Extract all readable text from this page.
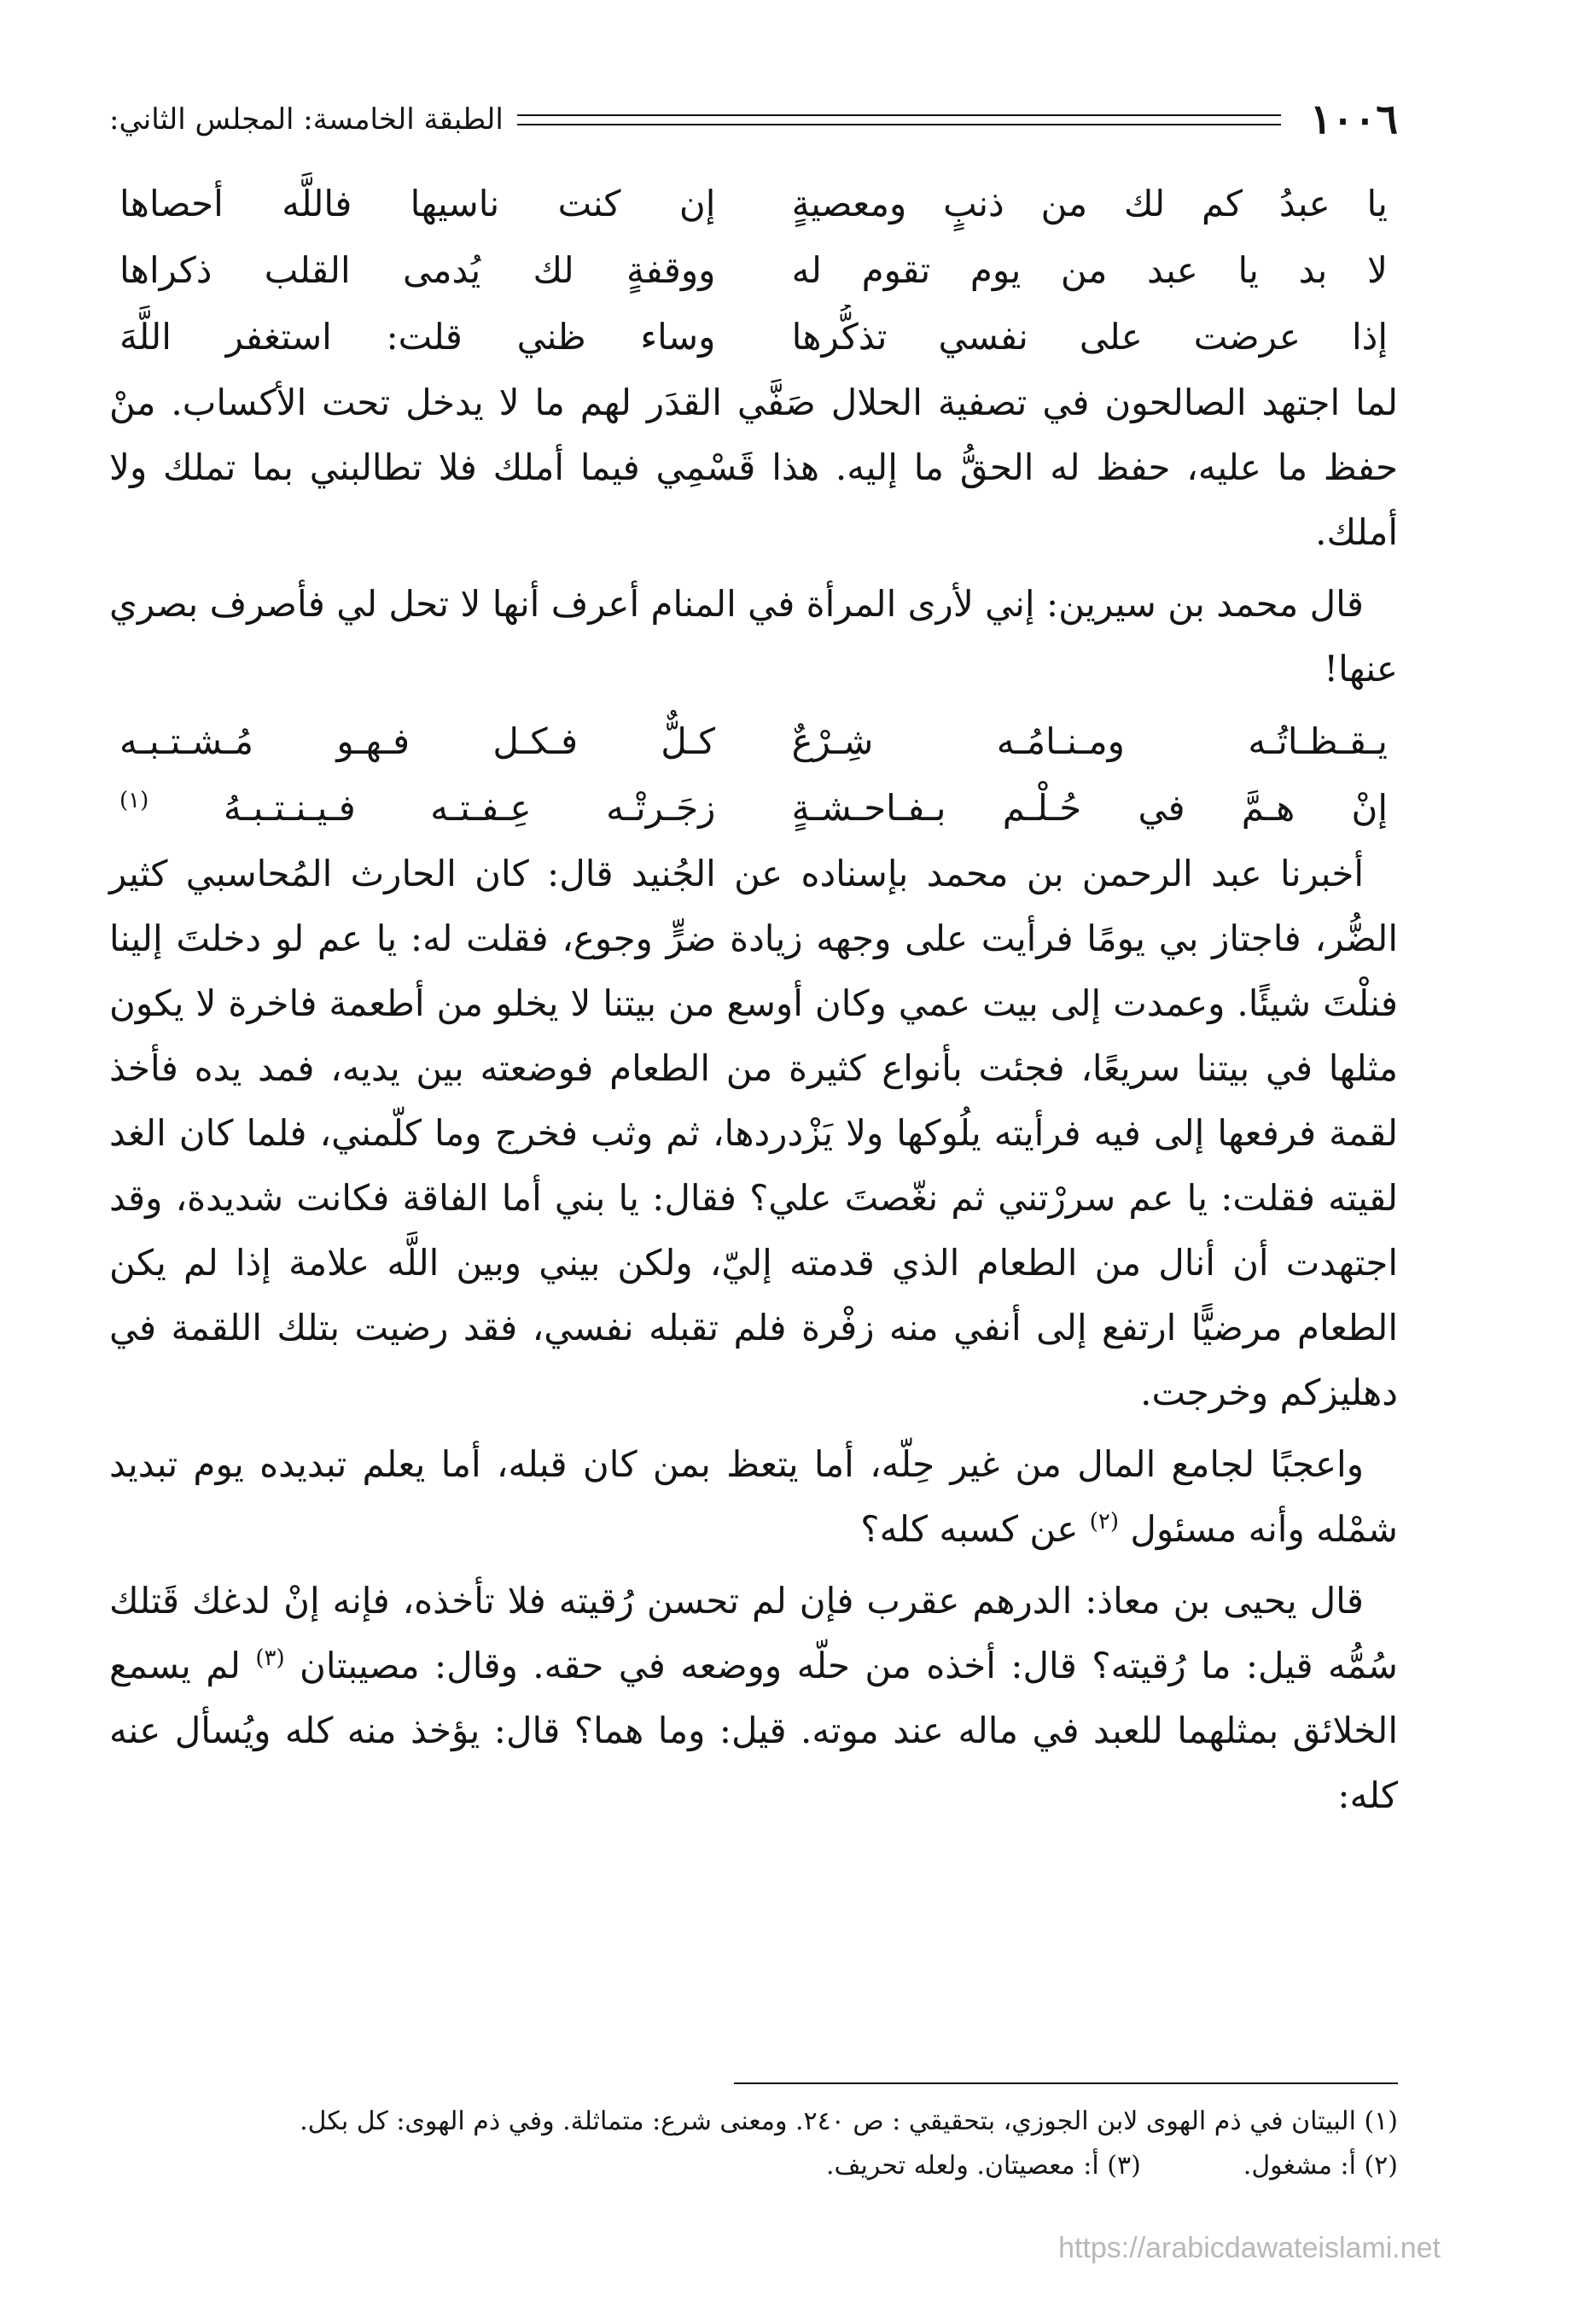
١٠٠٦
الطبقة الخامسة: المجلس الثاني:
يا عبدُ كم لك من ذنبٍ ومعصيةٍ
إن كنت ناسيها فاللَّه أحصاها
لا بد يا عبد من يوم تقوم له
ووقفةٍ لك يُدمى القلب ذكراها
إذا عرضت على نفسي تذكُّرها
وساء ظني قلت: استغفر اللَّهَ

لما اجتهد الصالحون في تصفية الحلال صَفَّي القدَر لهم ما لا يدخل تحت الأكساب. منْ حفظ ما عليه، حفظ له الحقُّ ما إليه. هذا قَسْمِي فيما أملك فلا تطالبني بما تملك ولا أملك.

قال محمد بن سيرين: إني لأرى المرأة في المنام أعرف أنها لا تحل لي فأصرف بصري عنها!

يـقـظـاتُـه ومـنـامُـه شِـرْعٌ
كـلٌّ فـكـل فـهـو مُـشـتـبـه
إنْ هـمَّ في حُـلْـم بـفـاحـشـةٍ
زجَـرتْـه عِـفـتـه فـيـنـتـبـهُ $^{(١)}$

أخبرنا عبد الرحمن بن محمد بإسناده عن الجُنيد قال: كان الحارث المُحاسبي كثير الضُّر، فاجتاز بي يومًا فرأيت على وجهه زيادة ضرٍّ وجوع، فقلت له: يا عم لو دخلتَ إلينا فنلْتَ شيئًا. وعمدت إلى بيت عمي وكان أوسع من بيتنا لا يخلو من أطعمة فاخرة لا يكون مثلها في بيتنا سريعًا، فجئت بأنواع كثيرة من الطعام فوضعته بين يديه، فمد يده فأخذ لقمة فرفعها إلى فيه فرأيته يلُوكها ولا يَزْدردها، ثم وثب فخرج وما كلّمني، فلما كان الغد لقيته فقلت: يا عم سررْتني ثم نغّصتَ علي؟ فقال: يا بني أما الفاقة فكانت شديدة، وقد اجتهدت أن أنال من الطعام الذي قدمته إليّ، ولكن بيني وبين اللَّه علامة إذا لم يكن الطعام مرضيًّا ارتفع إلى أنفي منه زفْرة فلم تقبله نفسي، فقد رضيت بتلك اللقمة في دهليزكم وخرجت.

واعجبًا لجامع المال من غير حِلّه، أما يتعظ بمن كان قبله، أما يعلم تبديده يوم تبديد شمْله وأنه مسئول $^{(٢)}$ عن كسبه كله؟

قال يحيى بن معاذ: الدرهم عقرب فإن لم تحسن رُقيته فلا تأخذه، فإنه إنْ لدغك قَتلك سُمُّه قيل: ما رُقيته؟ قال: أخذه من حلّه ووضعه في حقه. وقال: مصيبتان $^{(٣)}$ لم يسمع الخلائق بمثلهما للعبد في ماله عند موته. قيل: وما هما؟ قال: يؤخذ منه كله ويُسأل عنه كله:

(١) البيتان في ذم الهوى لابن الجوزي، بتحقيقي : ص ٢٤٠. ومعنى شرع: متماثلة. وفي ذم الهوى: كل بكل.
(٢) أ: مشغول.
(٣) أ: معصيتان. ولعله تحريف.
https://arabicdawateislami.net
